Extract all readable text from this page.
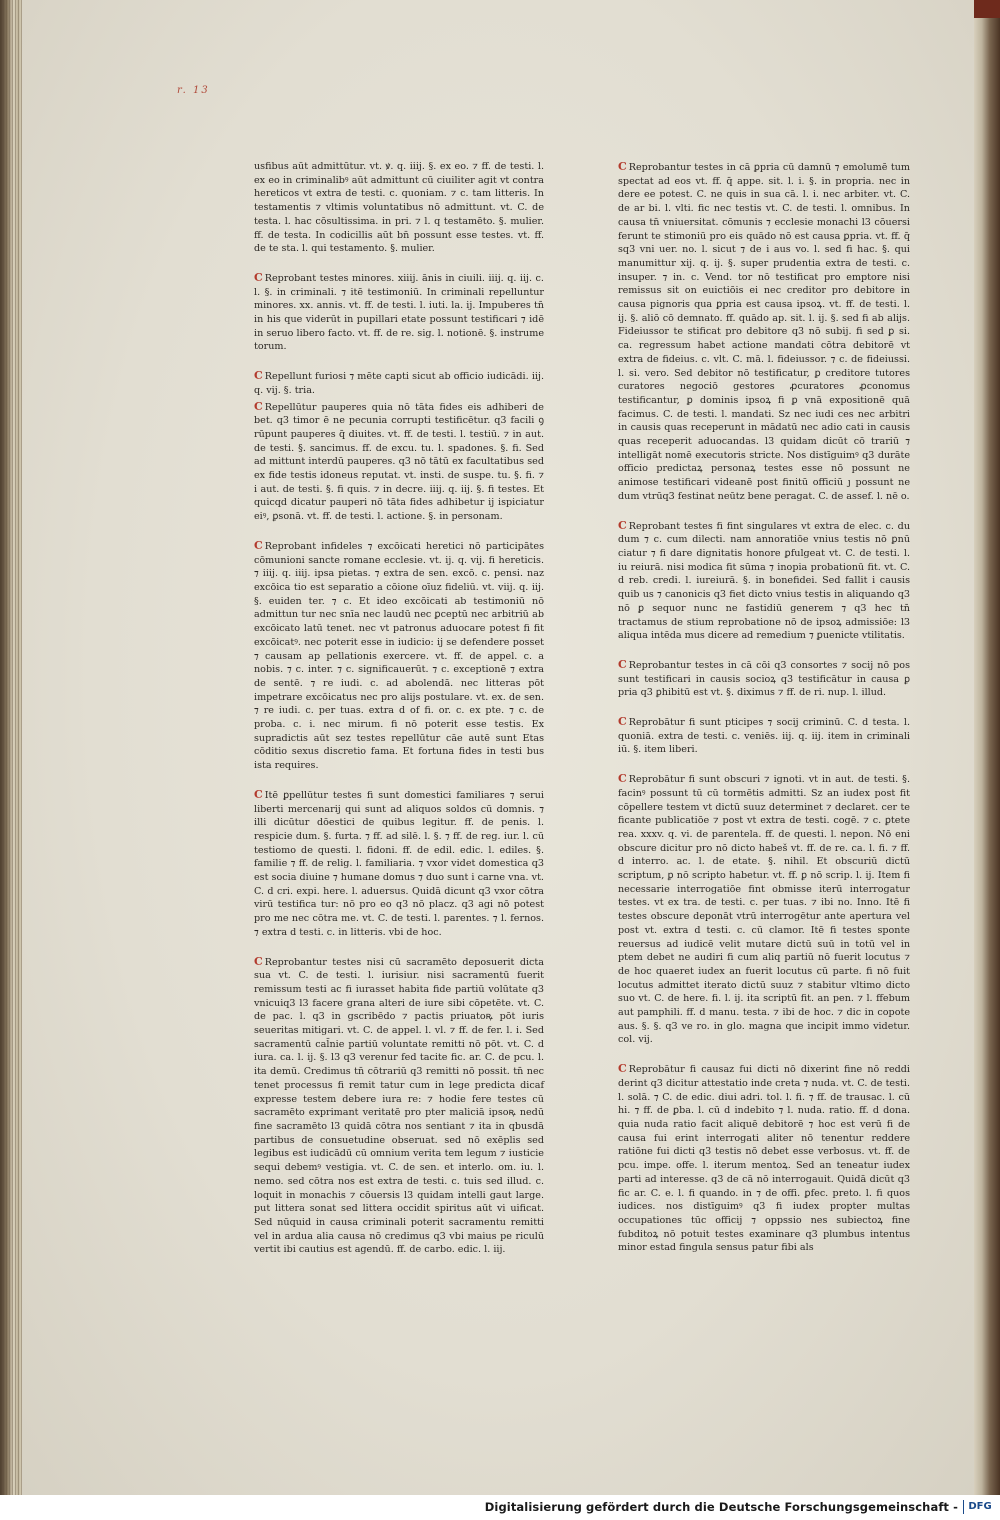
r. 13

usfibus aūt admittūtur. vt. ꝟ. q. iiij. §. ex eo. ⁊ ff. de testi. l. ex eo in criminalibꝰ aūt admittunt cū ciuiliter agit vt contra hereticos vt extra de testi. c. quoniam. ⁊ c. tam litteris. In testamentis ⁊ vltimis voluntatibus nō admittunt. vt. C. de testa. l. hac cōsultissima. in pri. ⁊ l. q testamēto. §. mulier. ff. de testa. In codicillis aūt bn̄ possunt esse testes. vt. ff. de te sta. l. qui testamento. §. mulier.

C Reprobant testes minores. xiiij. ānis in ciuili. iiij. q. iij. c. l. §. in criminali. ⁊ itē testimoniū. In criminali repelluntur minores. xx. annis. vt. ff. de testi. l. iuti. la. ij. Impuberes tn̄ in his que viderūt in pupillari etate possunt testificari ⁊ idē in seruo libero facto. vt. ff. de re. sig. l. notionē. §. instrume torum.

C Repellunt furiosi ⁊ mēte capti sicut ab officio iudicādi. iij. q. vij. §. tria.

C Repellūtur pauperes quia nō tāta fides eis adhiberi de bet. q3 timor ē ne pecunia corrupti testificētur. q3 facili ꝯ rūpunt pauperes q̄ diuites. vt. ff. de testi. l. testiū. ⁊ in aut. de testi. §. sancimus. ff. de excu. tu. l. spadones. §. fi. Sed ad mittunt interdū pauperes. q3 nō tātū ex facultatibus sed ex fide testis idoneus reputat. vt. insti. de suspe. tu. §. fi. ⁊ i aut. de testi. §. fi quis. ⁊ in decre. iiij. q. iij. §. fi testes. Et quicqd dicatur pauperi nō tāta fides adhibetur ij ispiciatur eiꝰ, ꝑsonā. vt. ff. de testi. l. actione. §. in personam.

C Reprobant infideles ⁊ excōicati heretici nō participātes cōmunioni sancte romane ecclesie. vt. ij. q. vij. fi hereticis. ⁊ iiij. q. iiij. ipsa pietas. ⁊ extra de sen. excō. c. pensi. naz excōica tio est separatio a cōione oīuz fideliū. vt. viij. q. iij. §. euiden ter. ⁊ c. Et ideo excōicati ab testimoniū nō admittun tur nec snīa nec laudū nec ꝑceptū nec arbitriū ab excōicato latū tenet. nec vt patronus aduocare potest fi fit excōicatꝰ. nec poterit esse in iudicio: ij se defendere posset ⁊ causam ap pellationis exercere. vt. ff. de appel. c. a nobis. ⁊ c. inter. ⁊ c. significauerūt. ⁊ c. exceptionē ⁊ extra de sentē. ⁊ re iudi. c. ad abolendā. nec litteras pōt impetrare excōicatus nec pro alijs postulare. vt. ex. de sen. ⁊ re iudi. c. per tuas. extra d of fi. or. c. ex pte. ⁊ c. de proba. c. i. nec mirum. fi nō poterit esse testis. Ex supradictis aūt sez testes repellūtur cāe autē sunt Etas cōditio sexus discretio fama. Et fortuna fides in testi bus ista requires.

C Itē ꝑpellūtur testes fi sunt domestici familiares ⁊ serui liberti mercenarij qui sunt ad aliquos soldos cū domnis. ⁊ illi dicūtur dōestici de quibus legitur. ff. de penis. l. respicie dum. §. furta. ⁊ ff. ad silē. l. §. ⁊ ff. de reg. iur. l. cū testiomo de questi. l. fidoni. ff. de edil. edic. l. ediles. §. familie ⁊ ff. de relig. l. familiaria. ⁊ vxor videt domestica q3 est socia diuine ⁊ humane domus ⁊ duo sunt i carne vna. vt. C. d cri. expi. here. l. aduersus. Quidā dicunt q3 vxor cōtra virū testifica tur: nō pro eo q3 nō placz. q3 agi nō potest pro me nec cōtra me. vt. C. de testi. l. parentes. ⁊ l. fernos. ⁊ extra d testi. c. in litteris. vbi de hoc.

C Reprobantur testes nisi cū sacramēto deposuerit dicta sua vt. C. de testi. l. iurisiur. nisi sacramentū fuerit remissum testi ac fi iurasset habita fide partiū volūtate q3 vnicuiq3 l3 facere grana alteri de iure sibi cōpetēte. vt. C. de pac. l. q3 in gscribēdo ⁊ pactis priuatoꝶ pōt iuris seueritas mitigari. vt. C. de appel. l. vl. ⁊ ff. de fer. l. i. Sed sacramentū cal̄nie partiū voluntate remitti nō pōt. vt. C. d iura. ca. l. ij. §. l3 q3 verenur fed tacite fic. ar. C. de pcu. l. ita demū. Credimus tn̄ cōtrariū q3 remitti nō possit. tn̄ nec tenet processus fi remit tatur cum in lege predicta dicaf expresse testem debere iura re: ⁊ hodie fere testes cū sacramēto exprimant veritatē pro pter maliciā ipsoꝶ nedū fine sacramēto l3 quidā cōtra nos sentiant ⁊ ita in qbusdā partibus de consuetudine obseruat. sed nō exēplis sed legibus est iudicādū cū omnium verita tem legum ⁊ iusticie sequi debemꝰ vestigia. vt. C. de sen. et interlo. om. iu. l. nemo. sed cōtra nos est extra de testi. c. tuis sed illud. c. loquit in monachis ⁊ cōuersis l3 quidam intelli gaut large. put littera sonat sed littera occidit spiritus aūt vi uificat. Sed nūquid in causa criminali poterit sacramentu remitti vel in ardua alia causa nō credimus q3 vbi maius pe riculū vertit ibi cautius est agendū. ff. de carbo. edic. l. iij.

C Reprobantur testes in cā ꝑpria cū damnū ⁊ emolumē tum spectat ad eos vt. ff. q̄ appe. sit. l. i. §. in propria. nec in dere ee potest. C. ne quis in sua cā. l. i. nec arbiter. vt. C. de ar bi. l. vlti. fic nec testis vt. C. de testi. l. omnibus. In causa tn̄ vniuersitat. cōmunis ⁊ ecclesie monachi l3 cōuersi ferunt te stimoniū pro eis quādo nō est causa ꝑpria. vt. ff. q̄ sq3 vni uer. no. l. sicut ⁊ de i aus vo. l. sed fi hac. §. qui manumittur xij. q. ij. §. super prudentia extra de testi. c. insuper. ⁊ in. c. Vend. tor nō testificat pro emptore nisi remissus sit on euictiōis ei nec creditor pro debitore in causa pignoris qua ꝑpria est causa ipsoꝝ. vt. ff. de testi. l. ij. §. aliō cō demnato. ff. quādo ap. sit. l. ij. §. sed fi ab alijs. Fideiussor te stificat pro debitore q3 nō subij. fi sed ꝑ si. ca. regressum habet actione mandati cōtra debitorē vt extra de fideius. c. vlt. C. mā. l. fideiussor. ⁊ c. de fideiussi. l. si. vero. Sed debitor nō testificatur, ꝑ creditore tutores curatores negociō gestores ꝓcuratores ꝓconomus testificantur, ꝑ dominis ipsoꝝ fi ꝑ vnā expositionē quā facimus. C. de testi. l. mandati. Sz nec iudi ces nec arbitri in causis quas receperunt in mādatū nec adio cati in causis quas receperit aduocandas. l3 quidam dicūt cō trariū ⁊ intelligāt nomē executoris stricte. Nos distīguimꝰ q3 durāte officio predictaꝝ personaꝝ testes esse nō possunt ne animose testificari videanē post finitū officiū ȷ possunt ne dum vtrūq3 festinat neūtz bene peragat. C. de assef. l. nē o.

C Reprobant testes fi fint singulares vt extra de elec. c. du dum ⁊ c. cum dilecti. nam annoratiōe vnius testis nō ꝑnū ciatur ⁊ fi dare dignitatis honore ꝑfulgeat vt. C. de testi. l. iu reiurā. nisi modica fit sūma ⁊ inopia probationū fit. vt. C. d reb. credi. l. iureiurā. §. in bonefidei. Sed fallit i causis quib us ⁊ canonicis q3 fiet dicto vnius testis in aliquando q3 nō ꝑ sequor nunc ne fastidiū generem ⁊ q3 hec tn̄ tractamus de stium reprobatione nō de ipsoꝝ admissiōe: l3 aliqua intēda mus dicere ad remedium ⁊ ꝑuenicte vtilitatis.

C Reprobantur testes in cā cōi q3 consortes ⁊ socij nō pos sunt testificari in causis socioꝝ q3 testificātur in causa ꝑ pria q3 ꝑhibitū est vt. §. diximus ⁊ ff. de ri. nup. l. illud.

C Reprobātur fi sunt pticipes ⁊ socij criminū. C. d testa. l. quoniā. extra de testi. c. veniēs. iij. q. iij. item in criminali iū. §. item liberi.

C Reprobātur fi sunt obscuri ⁊ ignoti. vt in aut. de testi. §. facinꝰ possunt tū cū tormētis admitti. Sz an iudex post fit cōpellere testem vt dictū suuz determinet ⁊ declaret. cer te ficante publicatiōe ⁊ post vt extra de testi. cogē. ⁊ c. ꝑtete rea. xxxv. q. vi. de parentela. ff. de questi. l. nepon. Nō eni obscure dicitur pro nō dicto habeš vt. ff. de re. ca. l. fi. ⁊ ff. d interro. ac. l. de etate. §. nihil. Et obscuriū dictū scriptum, ꝑ nō scripto habetur. vt. ff. ꝑ nō scrip. l. ij. Item fi necessarie interrogatiōe fint obmisse iterū interrogatur testes. vt ex tra. de testi. c. per tuas. ⁊ ibi no. Inno. Itē fi testes obscure deponāt vtrū interrogētur ante apertura vel post vt. extra d testi. c. cū clamor. Itē fi testes sponte reuersus ad iudicē velit mutare dictū suū in totū vel in ptem debet ne audiri fi cum aliq partiū nō fuerit locutus ⁊ de hoc quaeret iudex an fuerit locutus cū parte. fi nō fuit locutus admittet iterato dictū suuz ⁊ stabitur vltimo dicto suo vt. C. de here. fi. l. ij. ita scriptū fit. an pen. ⁊ l. ffebum aut pamphili. ff. d manu. testa. ⁊ ibi de hoc. ⁊ dic in copote aus. §. §. q3 ve ro. in glo. magna que incipit immo videtur. col. vij.

C Reprobātur fi causaz fui dicti nō dixerint fine nō reddi derint q3 dicitur attestatio inde creta ⁊ nuda. vt. C. de testi. l. solā. ⁊ C. de edic. diui adri. tol. l. fi. ⁊ ff. de trausac. l. cū hi. ⁊ ff. de ꝑba. l. cū d indebito ⁊ l. nuda. ratio. ff. d dona. quia nuda ratio facit aliquē debitorē ⁊ hoc est verū fi de causa fui erint interrogati aliter nō tenentur reddere ratiōne fui dicti q3 testis nō debet esse verbosus. vt. ff. de pcu. impe. offe. l. iterum mentoꝝ. Sed an teneatur iudex parti ad interesse. q3 de cā nō interrogauit. Quidā dicūt q3 fic ar. C. e. l. fi quando. in ⁊ de offi. ꝑfec. preto. l. fi quos iudices. nos distīguimꝰ q3 fi iudex propter multas occupationes tūc officij ⁊ oppssio nes subiectoꝝ fine fubditoꝝ nō potuit testes examinare q3 plumbus intentus minor estad fingula sensus patur fibi als

Digitalisierung gefördert durch die Deutsche Forschungsgemeinschaft -	DFG
